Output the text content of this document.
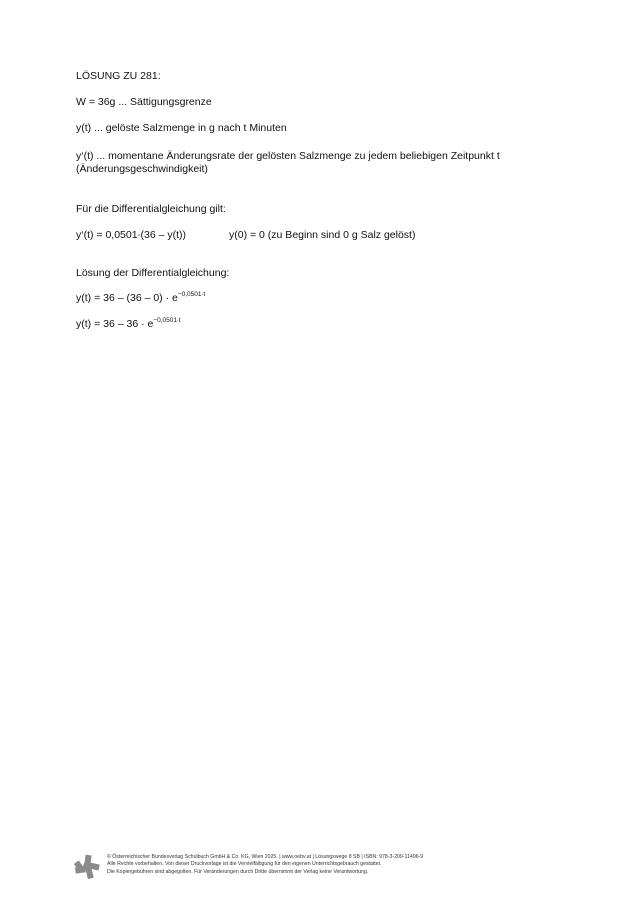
LÖSUNG ZU 281:

W = 36g ... Sättigungsgrenze

y(t) ... gelöste Salzmenge in g nach t Minuten

y‘(t) ... momentane Änderungsrate der gelösten Salzmenge zu jedem beliebigen Zeitpunkt t

(Änderungsgeschwindigkeit)

Für die Differentialgleichung gilt:

y‘(t) = 0,0501∙(36 – y(t))	y(0) = 0 (zu Beginn sind 0 g Salz gelöst)

Lösung der Differentialgleichung:

$y(t) = 36 - (36 - 0) \cdot e^{-0,0501\cdot t}$

$y(t) = 36 - 36 \cdot e^{-0,0501\cdot t}$

© Österreichischer Bundesverlag Schulbuch GmbH & Co. KG, Wien 2025. | www.oebv.at | Lösungswege 8 SB | ISBN: 978-3-209-11496-9
Alle Rechte vorbehalten. Von dieser Druckvorlage ist die Vervielfältigung für den eigenen Unterrichtsgebrauch gestattet.
Die Kopiergebühren sind abgegolten. Für Veränderungen durch Dritte übernimmt der Verlag keine Verantwortung.
